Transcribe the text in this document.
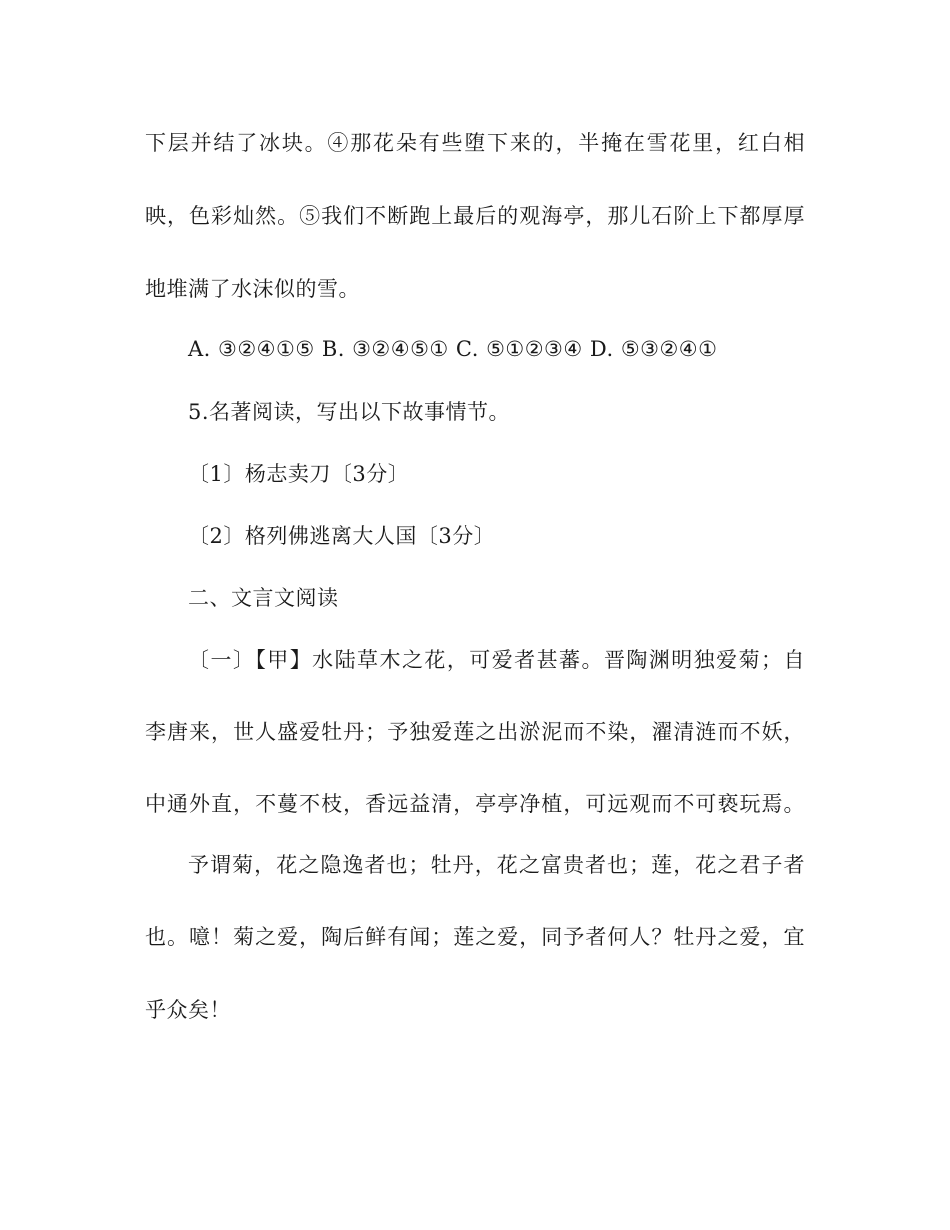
下层并结了冰块。④那花朵有些堕下来的，半掩在雪花里，红白相
映，色彩灿然。⑤我们不断跑上最后的观海亭，那儿石阶上下都厚厚
地堆满了水沫似的雪。
A. ③②④①⑤ B. ③②④⑤① C. ⑤①②③④ D. ⑤③②④①
5.名著阅读，写出以下故事情节。
〔1〕杨志卖刀〔3分〕
〔2〕格列佛逃离大人国〔3分〕
二、文言文阅读
〔一〕【甲】水陆草木之花，可爱者甚蕃。晋陶渊明独爱菊；自
李唐来，世人盛爱牡丹；予独爱莲之出淤泥而不染，濯清涟而不妖，
中通外直，不蔓不枝，香远益清，亭亭净植，可远观而不可亵玩焉。
予谓菊，花之隐逸者也；牡丹，花之富贵者也；莲，花之君子者
也。噫！菊之爱，陶后鲜有闻；莲之爱，同予者何人？牡丹之爱，宜
乎众矣！
